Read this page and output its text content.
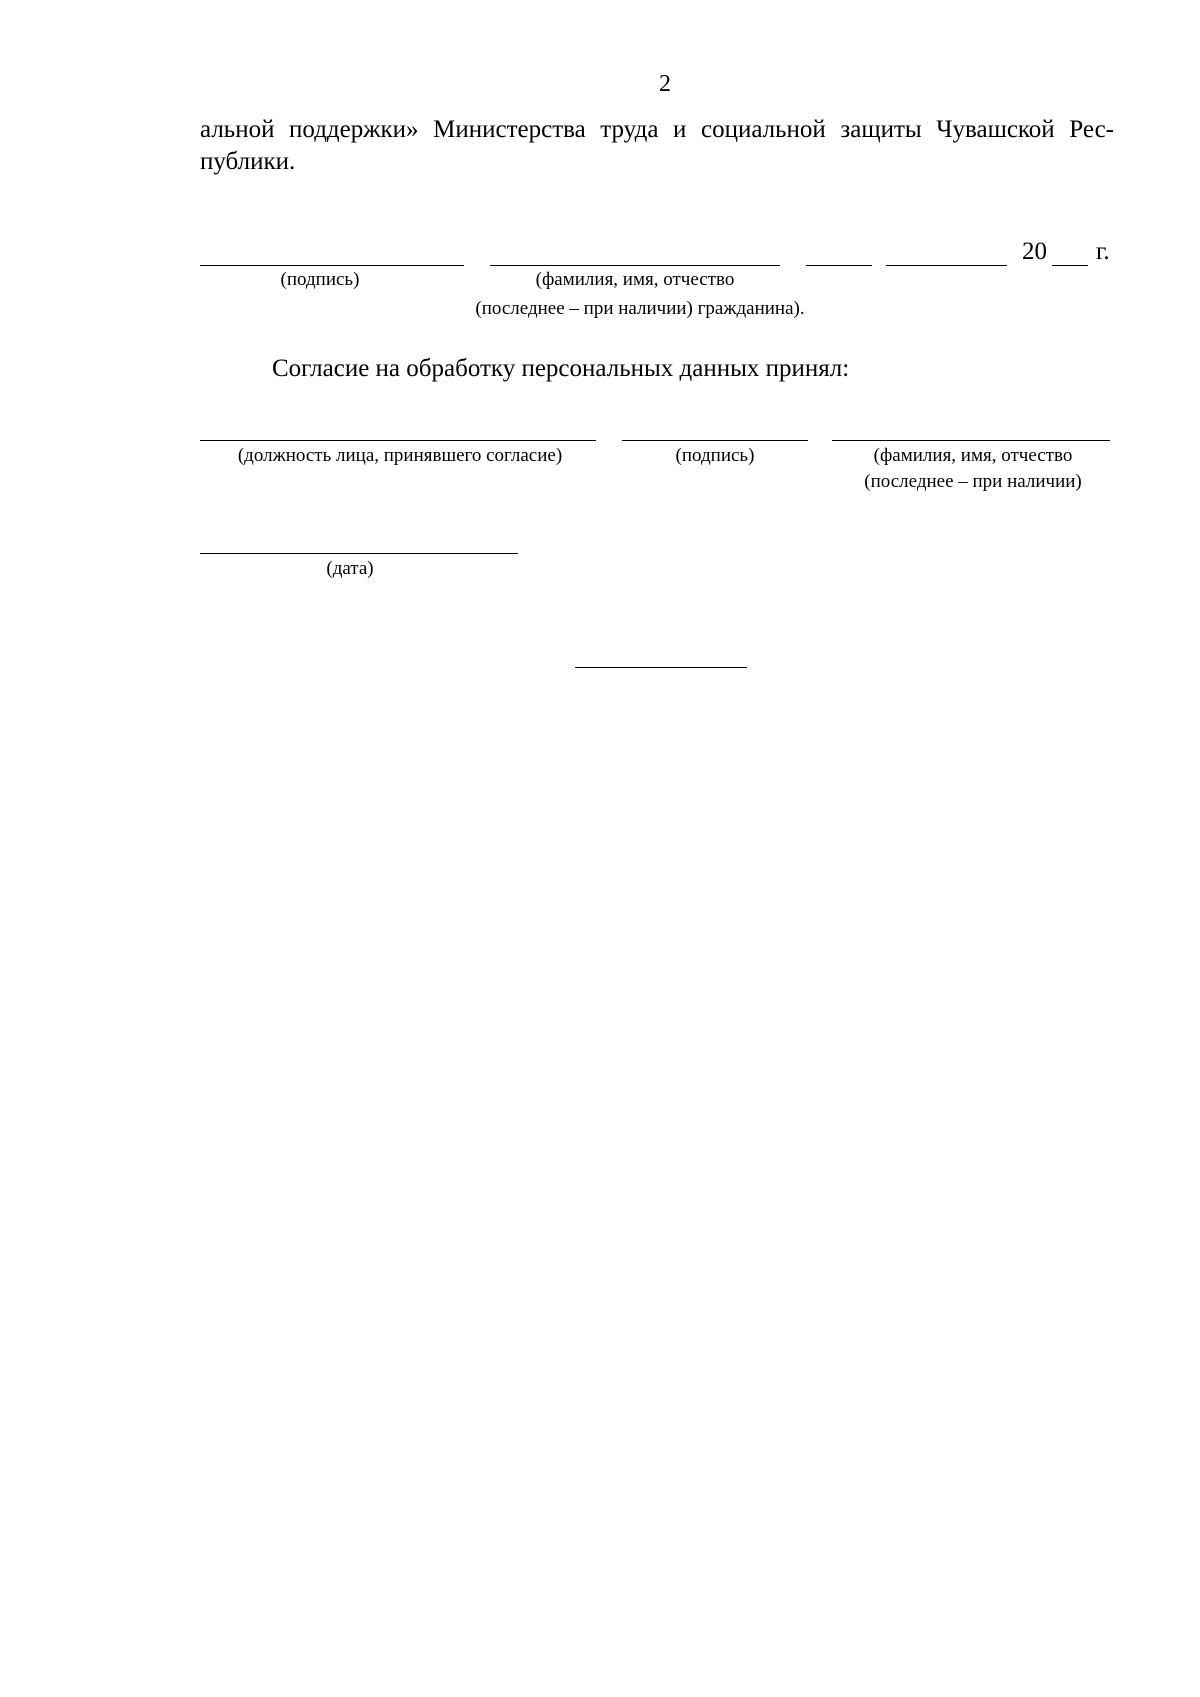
2
альной поддержки» Министерства труда и социальной защиты Чувашской Рес-
публики.
20 г.
(подпись)	(фамилия, имя, отчество
(последнее – при наличии) гражданина).
Согласие на обработку персональных данных принял:
(должность лица, принявшего согласие)	(подпись)	(фамилия, имя, отчество
(последнее – при наличии)
(дата)
